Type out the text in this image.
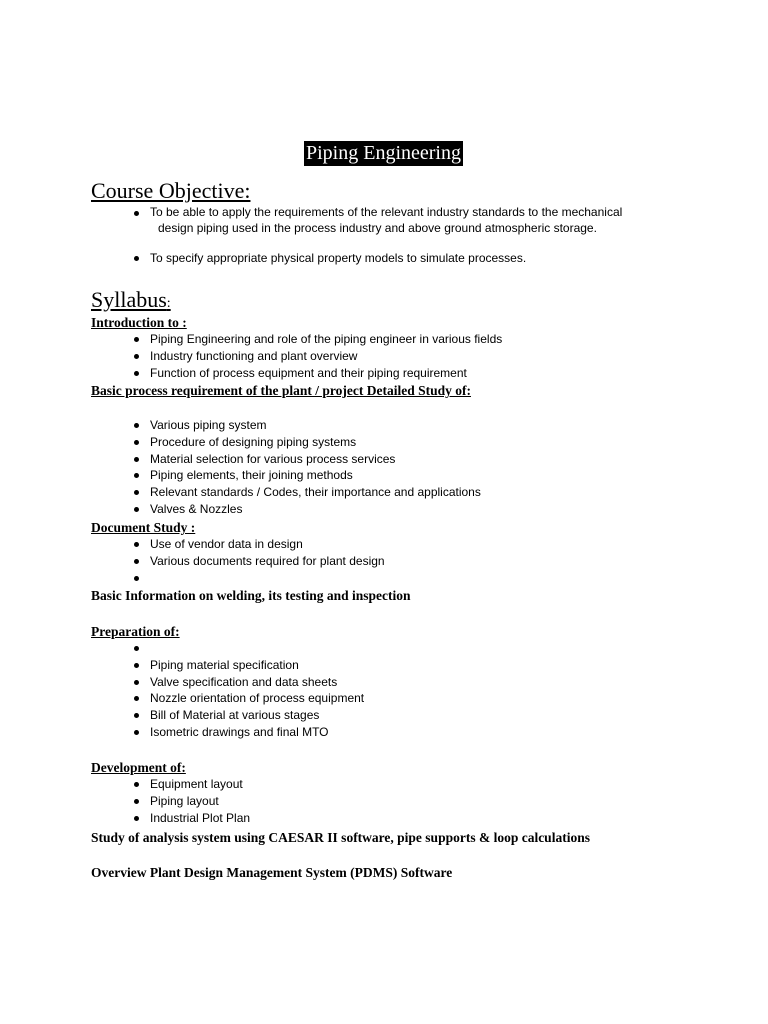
Piping Engineering
Course Objective:
To be able to apply the requirements of the relevant industry standards to the mechanical
design piping used in the process industry and above ground atmospheric storage.
To specify appropriate physical property models to simulate processes.
Syllabus:
Introduction to :
Piping Engineering and role of the piping engineer in various fields
Industry functioning and plant overview
Function of process equipment and their piping requirement
Basic process requirement of the plant / project Detailed Study of:
Various piping system
Procedure of designing piping systems
Material selection for various process services
Piping elements, their joining methods
Relevant standards / Codes, their importance and applications
Valves & Nozzles
Document Study :
Use of vendor data in design
Various documents required for plant design

Basic Information on welding, its testing and inspection
Preparation of:

Piping material specification
Valve specification and data sheets
Nozzle orientation of process equipment
Bill of Material at various stages
Isometric drawings and final MTO
Development of:
Equipment layout
Piping layout
Industrial Plot Plan
Study of analysis system using CAESAR II software, pipe supports & loop calculations
Overview Plant Design Management System (PDMS) Software
